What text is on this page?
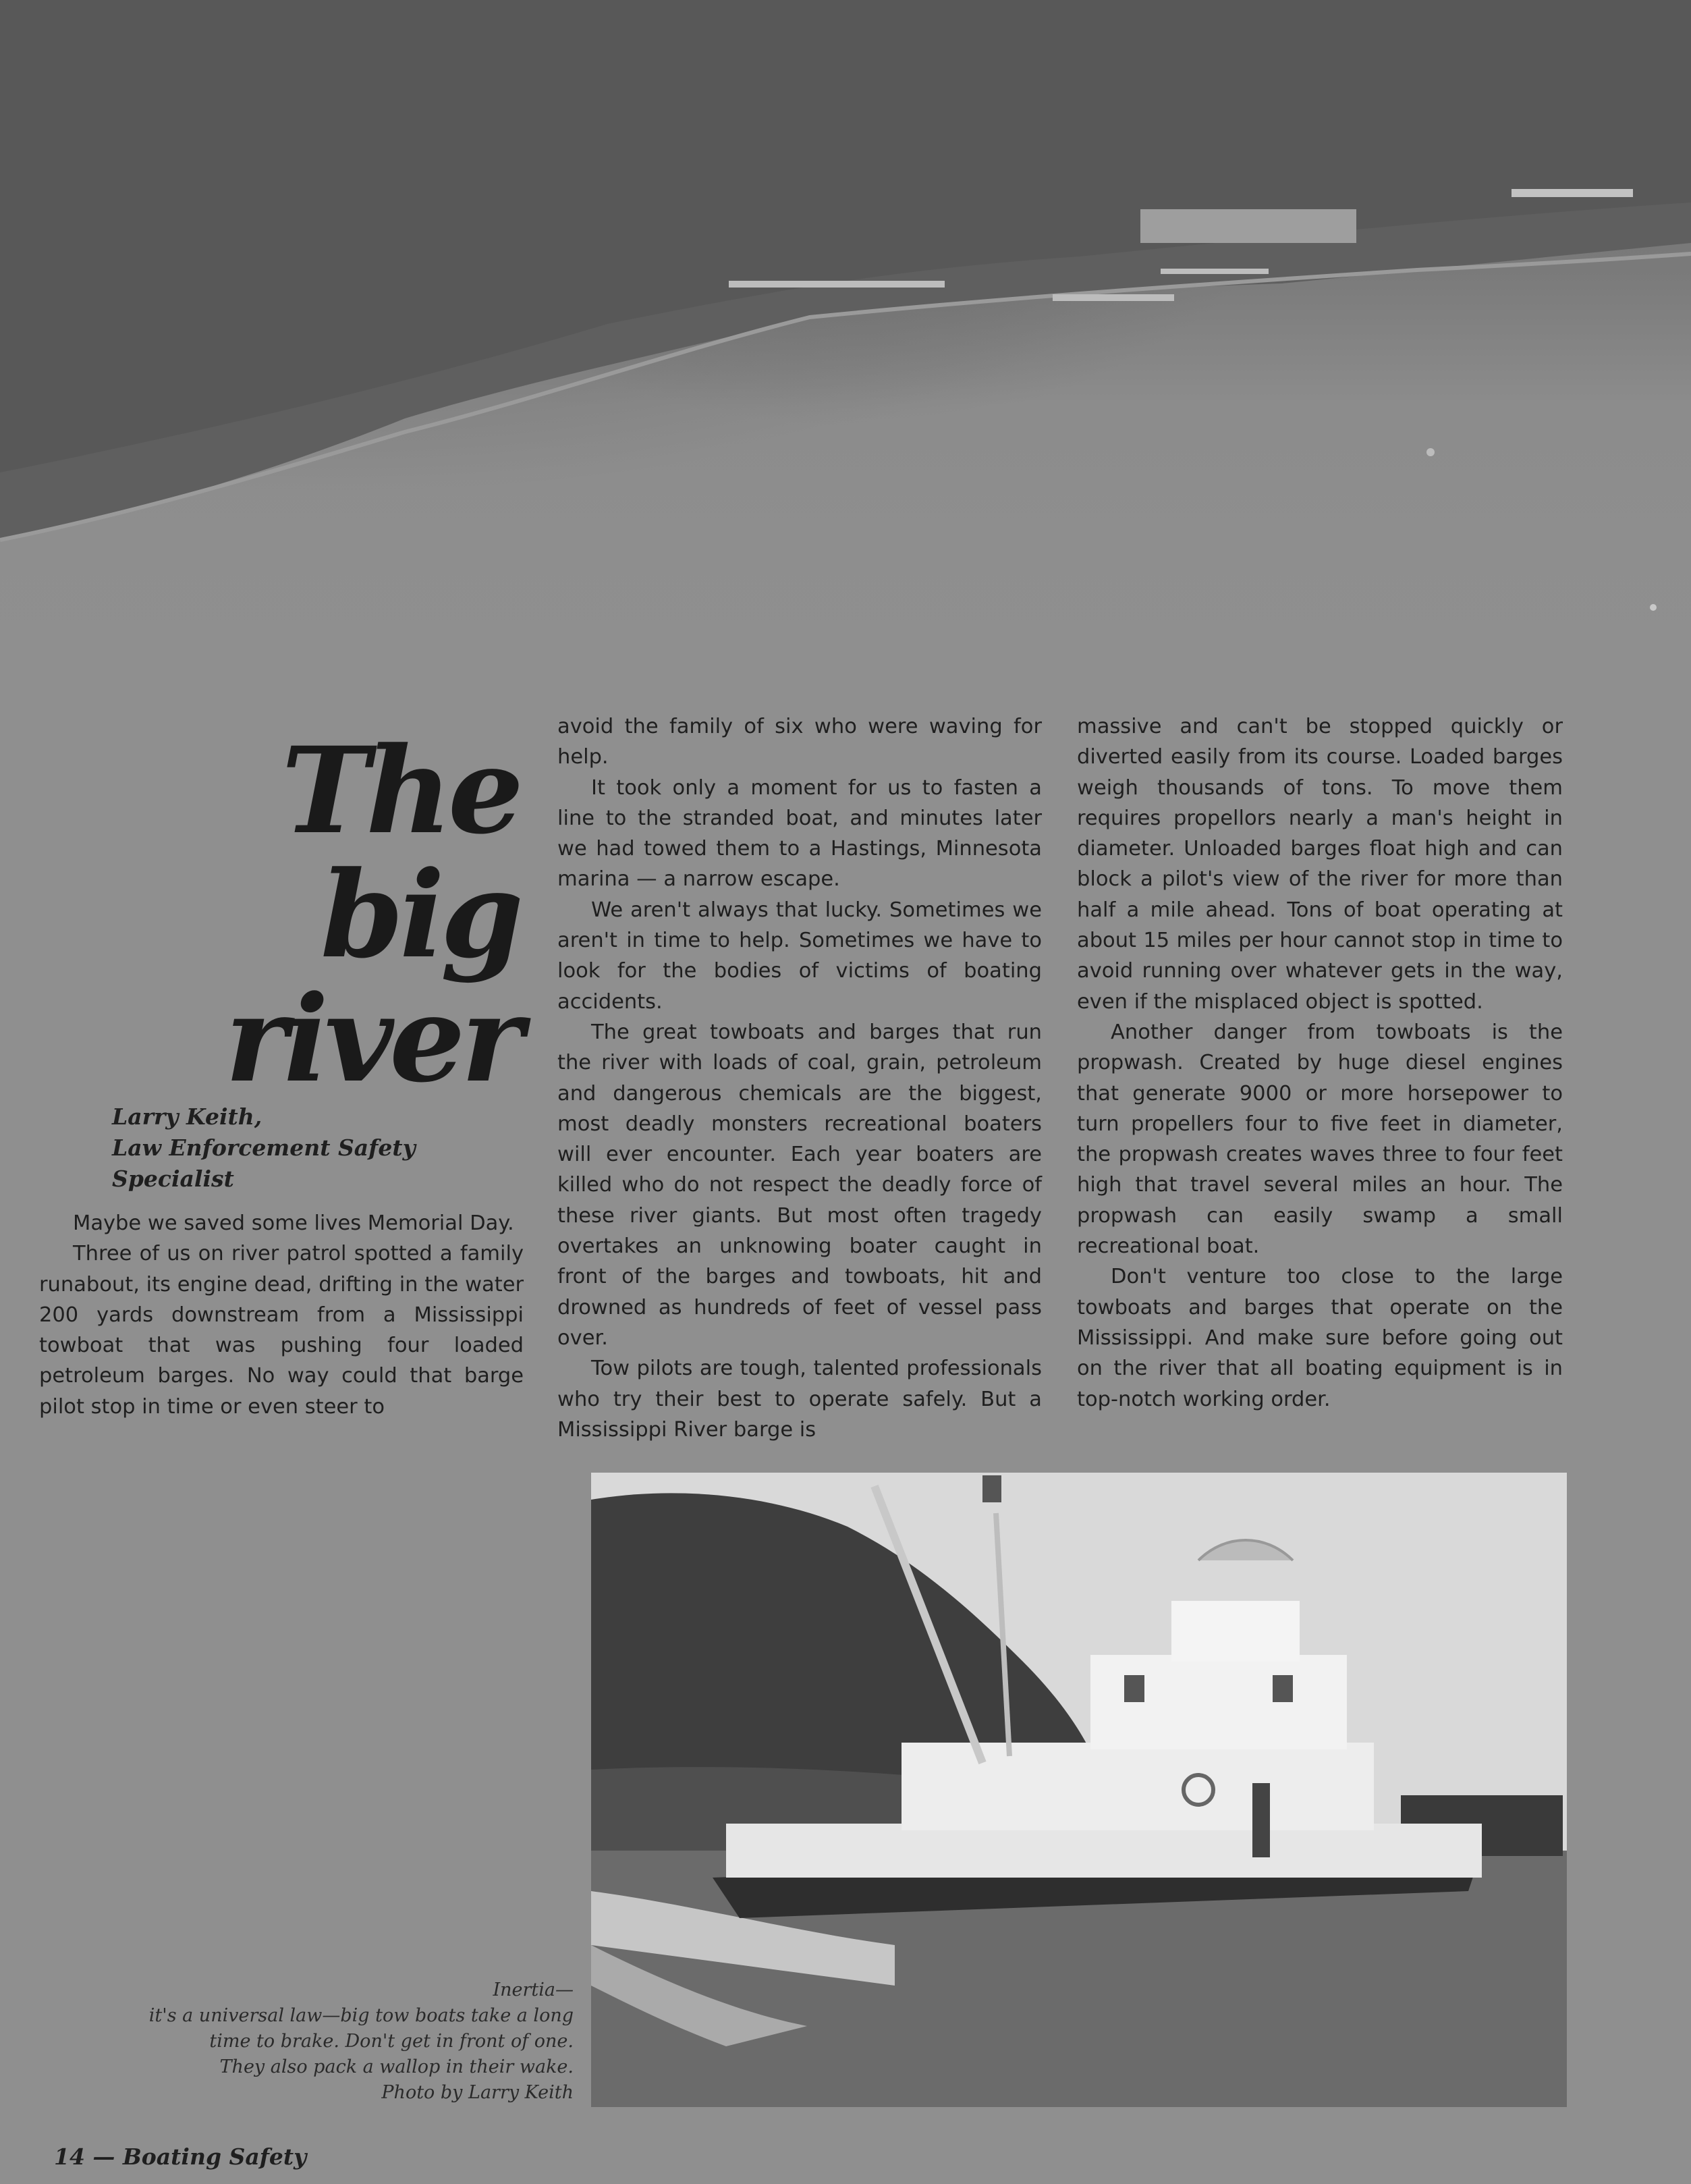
The
big
river
Larry Keith,
Law Enforcement Safety Specialist

Maybe we saved some lives Memorial Day.

Three of us on river patrol spotted a family runabout, its engine dead, drifting in the water 200 yards downstream from a Mississippi towboat that was pushing four loaded petroleum barges. No way could that barge pilot stop in time or even steer to

avoid the family of six who were waving for help.

It took only a moment for us to fasten a line to the stranded boat, and minutes later we had towed them to a Hastings, Minnesota marina — a narrow escape.

We aren't always that lucky. Sometimes we aren't in time to help. Sometimes we have to look for the bodies of victims of boating accidents.

The great towboats and barges that run the river with loads of coal, grain, petroleum and dangerous chemicals are the biggest, most deadly monsters recreational boaters will ever encounter. Each year boaters are killed who do not respect the deadly force of these river giants. But most often tragedy overtakes an unknowing boater caught in front of the barges and towboats, hit and drowned as hundreds of feet of vessel pass over.

Tow pilots are tough, talented professionals who try their best to operate safely. But a Mississippi River barge is

massive and can't be stopped quickly or diverted easily from its course. Loaded barges weigh thousands of tons. To move them requires propellors nearly a man's height in diameter. Unloaded barges float high and can block a pilot's view of the river for more than half a mile ahead. Tons of boat operating at about 15 miles per hour cannot stop in time to avoid running over whatever gets in the way, even if the misplaced object is spotted.

Another danger from towboats is the propwash. Created by huge diesel engines that generate 9000 or more horsepower to turn propellers four to five feet in diameter, the propwash creates waves three to four feet high that travel several miles an hour. The propwash can easily swamp a small recreational boat.

Don't venture too close to the large towboats and barges that operate on the Mississippi. And make sure before going out on the river that all boating equipment is in top-notch working order.

Inertia—
it's a universal law—big tow boats take a long
time to brake. Don't get in front of one.
They also pack a wallop in their wake.
Photo by Larry Keith
14 — Boating Safety
